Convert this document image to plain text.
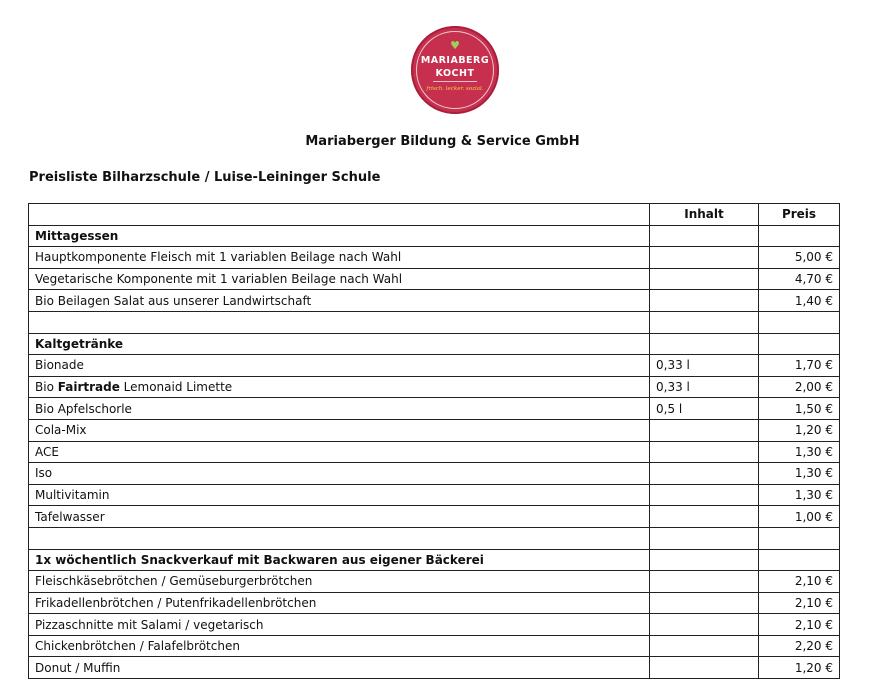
♥
MARIABERG
KOCHT
frisch. lecker. sozial.
Mariaberger Bildung & Service GmbH
Preisliste Bilharzschule / Luise-Leininger Schule
	Inhalt	Preis
Mittagessen		
Hauptkomponente Fleisch mit 1 variablen Beilage nach Wahl		5,00 €
Vegetarische Komponente mit 1 variablen Beilage nach Wahl		4,70 €
Bio Beilagen Salat aus unserer Landwirtschaft		1,40 €

Kaltgetränke		
Bionade	0,33 l	1,70 €
Bio Fairtrade Lemonaid Limette	0,33 l	2,00 €
Bio Apfelschorle	0,5 l	1,50 €
Cola-Mix		1,20 €
ACE		1,30 €
Iso		1,30 €
Multivitamin		1,30 €
Tafelwasser		1,00 €

1x wöchentlich Snackverkauf mit Backwaren aus eigener Bäckerei		
Fleischkäsebrötchen / Gemüseburgerbrötchen		2,10 €
Frikadellenbrötchen / Putenfrikadellenbrötchen		2,10 €
Pizzaschnitte mit Salami / vegetarisch		2,10 €
Chickenbrötchen / Falafelbrötchen		2,20 €
Donut / Muffin		1,20 €
